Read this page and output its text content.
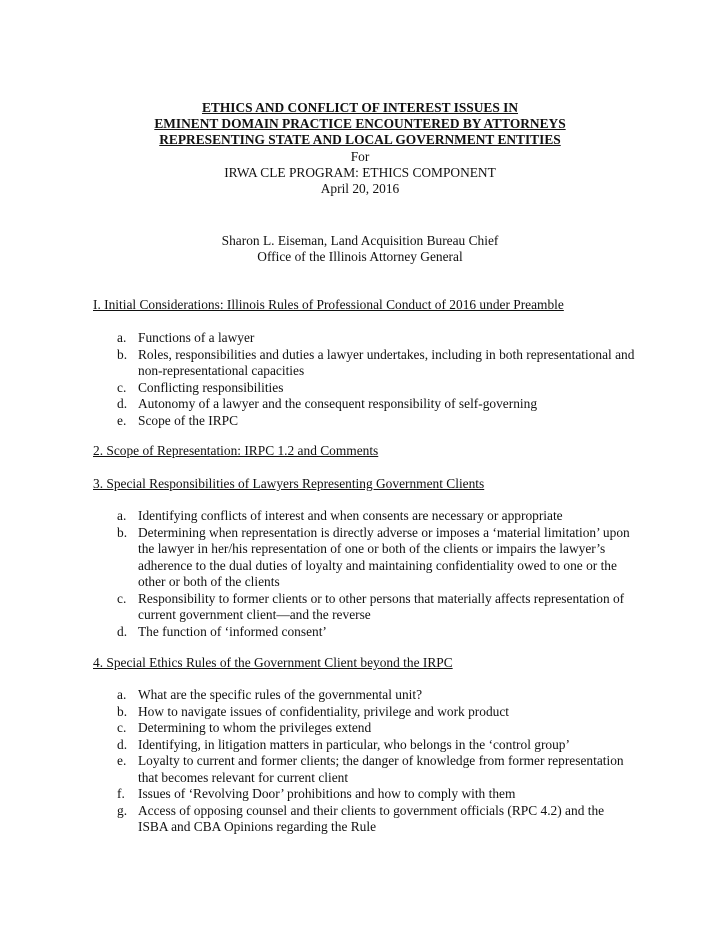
ETHICS AND CONFLICT OF INTEREST ISSUES IN
EMINENT DOMAIN PRACTICE ENCOUNTERED BY ATTORNEYS
REPRESENTING STATE AND LOCAL GOVERNMENT ENTITIES
For
IRWA CLE PROGRAM: ETHICS COMPONENT
April 20, 2016
Sharon L. Eiseman, Land Acquisition Bureau Chief
Office of the Illinois Attorney General
I. Initial Considerations: Illinois Rules of Professional Conduct of 2016 under Preamble
a. Functions of a lawyer
b. Roles, responsibilities and duties a lawyer undertakes, including in both representational and non-representational capacities
c. Conflicting responsibilities
d. Autonomy of a lawyer and the consequent responsibility of self-governing
e. Scope of the IRPC
2. Scope of Representation: IRPC 1.2 and Comments
3. Special Responsibilities of Lawyers Representing Government Clients
a. Identifying conflicts of interest and when consents are necessary or appropriate
b. Determining when representation is directly adverse or imposes a ‘material limitation’ upon the lawyer in her/his representation of one or both of the clients or impairs the lawyer’s adherence to the dual duties of loyalty and maintaining confidentiality owed to one or the other or both of the clients
c. Responsibility to former clients or to other persons that materially affects representation of current government client—and the reverse
d. The function of ‘informed consent’
4. Special Ethics Rules of the Government Client beyond the IRPC
a. What are the specific rules of the governmental unit?
b. How to navigate issues of confidentiality, privilege and work product
c. Determining to whom the privileges extend
d. Identifying, in litigation matters in particular, who belongs in the ‘control group’
e. Loyalty to current and former clients; the danger of knowledge from former representation that becomes relevant for current client
f. Issues of ‘Revolving Door’ prohibitions and how to comply with them
g. Access of opposing counsel and their clients to government officials (RPC 4.2) and the ISBA and CBA Opinions regarding the Rule
